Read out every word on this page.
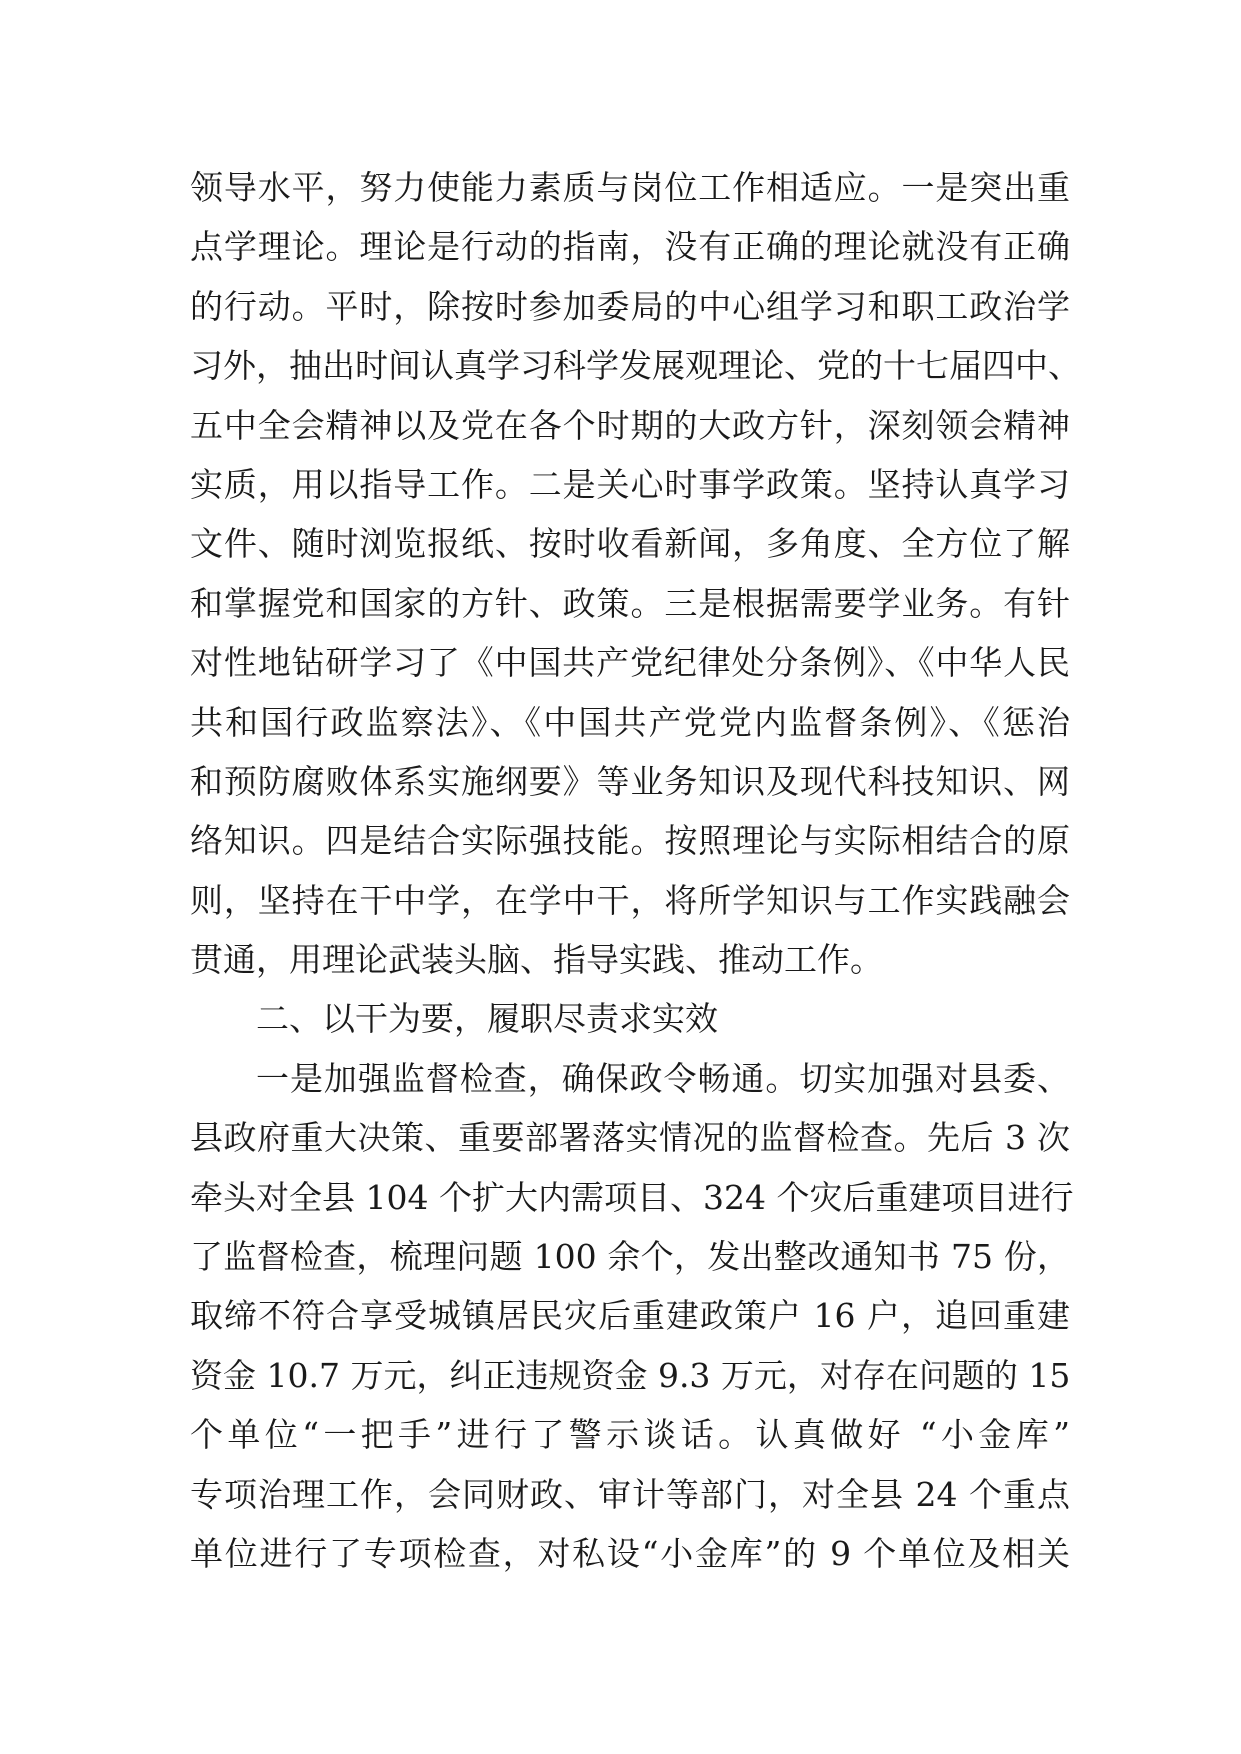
领导水平，努力使能力素质与岗位工作相适应。一是突出重
点学理论。理论是行动的指南，没有正确的理论就没有正确
的行动。平时，除按时参加委局的中心组学习和职工政治学
习外，抽出时间认真学习科学发展观理论、党的十七届四中、
五中全会精神以及党在各个时期的大政方针，深刻领会精神
实质，用以指导工作。二是关心时事学政策。坚持认真学习
文件、随时浏览报纸、按时收看新闻，多角度、全方位了解
和掌握党和国家的方针、政策。三是根据需要学业务。有针
对性地钻研学习了《中国共产党纪律处分条例》、《中华人民
共和国行政监察法》、《中国共产党党内监督条例》、《惩治
和预防腐败体系实施纲要》等业务知识及现代科技知识、网
络知识。四是结合实际强技能。按照理论与实际相结合的原
则，坚持在干中学，在学中干，将所学知识与工作实践融会
贯通，用理论武装头脑、指导实践、推动工作。
二、以干为要，履职尽责求实效
一是加强监督检查，确保政令畅通。切实加强对县委、
县政府重大决策、重要部署落实情况的监督检查。先后 3 次
牵头对全县 104 个扩大内需项目、324 个灾后重建项目进行
了监督检查，梳理问题 100 余个，发出整改通知书 75 份，
取缔不符合享受城镇居民灾后重建政策户 16 户，追回重建
资金 10.7 万元，纠正违规资金 9.3 万元，对存在问题的 15
个单位“一把手”进行了警示谈话。认真做好 “小金库”
专项治理工作，会同财政、审计等部门，对全县 24 个重点
单位进行了专项检查，对私设“小金库”的 9 个单位及相关
